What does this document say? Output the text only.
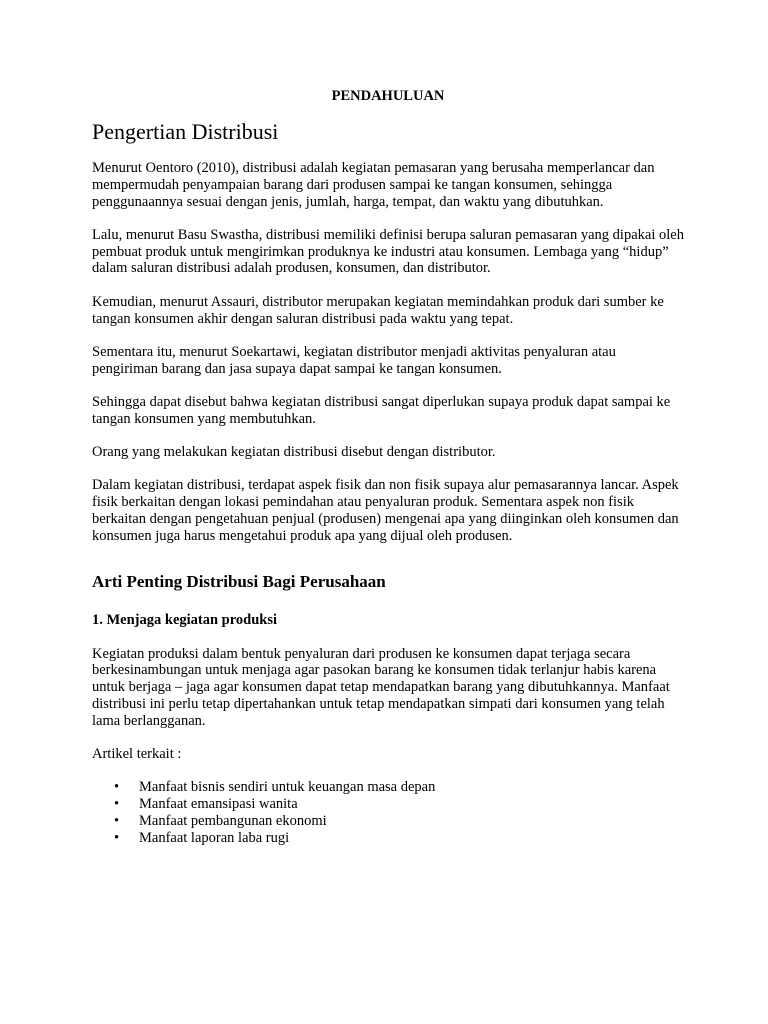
PENDAHULUAN
Pengertian Distribusi

Menurut Oentoro (2010), distribusi adalah kegiatan pemasaran yang berusaha memperlancar dan mempermudah penyampaian barang dari produsen sampai ke tangan konsumen, sehingga penggunaannya sesuai dengan jenis, jumlah, harga, tempat, dan waktu yang dibutuhkan.

Lalu, menurut Basu Swastha, distribusi memiliki definisi berupa saluran pemasaran yang dipakai oleh pembuat produk untuk mengirimkan produknya ke industri atau konsumen. Lembaga yang “hidup” dalam saluran distribusi adalah produsen, konsumen, dan distributor.

Kemudian, menurut Assauri, distributor merupakan kegiatan memindahkan produk dari sumber ke tangan konsumen akhir dengan saluran distribusi pada waktu yang tepat.

Sementara itu, menurut Soekartawi, kegiatan distributor menjadi aktivitas penyaluran atau pengiriman barang dan jasa supaya dapat sampai ke tangan konsumen.

Sehingga dapat disebut bahwa kegiatan distribusi sangat diperlukan supaya produk dapat sampai ke tangan konsumen yang membutuhkan.

Orang yang melakukan kegiatan distribusi disebut dengan distributor.

Dalam kegiatan distribusi, terdapat aspek fisik dan non fisik supaya alur pemasarannya lancar. Aspek fisik berkaitan dengan lokasi pemindahan atau penyaluran produk. Sementara aspek non fisik berkaitan dengan pengetahuan penjual (produsen) mengenai apa yang diinginkan oleh konsumen dan konsumen juga harus mengetahui produk apa yang dijual oleh produsen.

Arti Penting Distribusi Bagi Perusahaan
1. Menjaga kegiatan produksi

Kegiatan produksi dalam bentuk penyaluran dari produsen ke konsumen dapat terjaga secara berkesinambungan untuk menjaga agar pasokan barang ke konsumen tidak terlanjur habis karena untuk berjaga – jaga agar konsumen dapat tetap mendapatkan barang yang dibutuhkannya. Manfaat distribusi ini perlu tetap dipertahankan untuk tetap mendapatkan simpati dari konsumen yang telah lama berlangganan.

Artikel terkait :

• Manfaat bisnis sendiri untuk keuangan masa depan
• Manfaat emansipasi wanita
• Manfaat pembangunan ekonomi
• Manfaat laporan laba rugi
